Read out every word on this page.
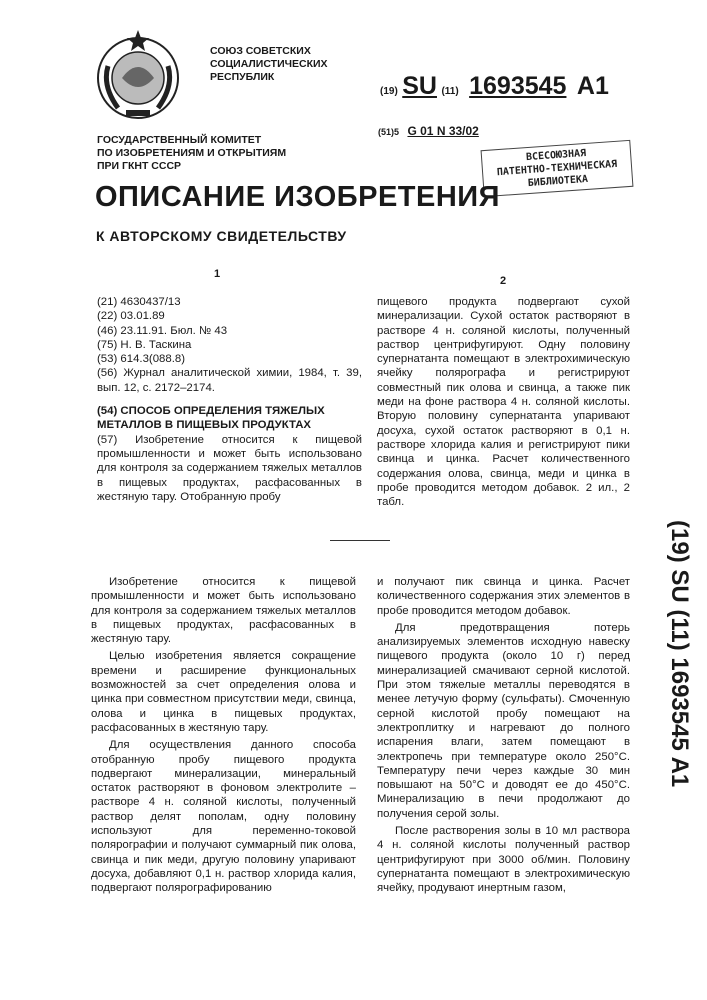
СОЮЗ СОВЕТСКИХ
СОЦИАЛИСТИЧЕСКИХ
РЕСПУБЛИК
(19) SU (11) 1693545 A1
(51)5 G 01 N 33/02
ГОСУДАРСТВЕННЫЙ КОМИТЕТ
ПО ИЗОБРЕТЕНИЯМ И ОТКРЫТИЯМ
ПРИ ГКНТ СССР
ВСЕСОЮЗНАЯ
ПАТЕНТНО-ТЕХНИЧЕСКАЯ
БИБЛИОТЕКА
ОПИСАНИЕ ИЗОБРЕТЕНИЯ
К АВТОРСКОМУ СВИДЕТЕЛЬСТВУ
1
2

(21) 4630437/13

(22) 03.01.89

(46) 23.11.91. Бюл. № 43

(75) Н. В. Таскина

(53) 614.3(088.8)

(56) Журнал аналитической химии, 1984, т. 39, вып. 12, с. 2172–2174.

(54) СПОСОБ ОПРЕДЕЛЕНИЯ ТЯЖЕЛЫХ МЕТАЛЛОВ В ПИЩЕВЫХ ПРОДУКТАХ

(57) Изобретение относится к пищевой промышленности и может быть использовано для контроля за содержанием тяжелых металлов в пищевых продуктах, расфасованных в жестяную тару. Отобранную пробу

пищевого продукта подвергают сухой минерализации. Сухой остаток растворяют в растворе 4 н. соляной кислоты, полученный раствор центрифугируют. Одну половину супернатанта помещают в электрохимическую ячейку полярографа и регистрируют совместный пик олова и свинца, а также пик меди на фоне раствора 4 н. соляной кислоты. Вторую половину супернатанта упаривают досуха, сухой остаток растворяют в 0,1 н. растворе хлорида калия и регистрируют пики свинца и цинка. Расчет количественного содержания олова, свинца, меди и цинка в пробе проводится методом добавок. 2 ил., 2 табл.

Изобретение относится к пищевой промышленности и может быть использовано для контроля за содержанием тяжелых металлов в пищевых продуктах, расфасованных в жестяную тару.

Целью изобретения является сокращение времени и расширение функциональных возможностей за счет определения олова и цинка при совместном присутствии меди, свинца, олова и цинка в пищевых продуктах, расфасованных в жестяную тару.

Для осуществления данного способа отобранную пробу пищевого продукта подвергают минерализации, минеральный остаток растворяют в фоновом электролите – растворе 4 н. соляной кислоты, полученный раствор делят пополам, одну половину используют для переменно-токовой полярографии и получают суммарный пик олова, свинца и пик меди, другую половину упаривают досуха, добавляют 0,1 н. раствор хлорида калия, подвергают полярографированию

и получают пик свинца и цинка. Расчет количественного содержания этих элементов в пробе проводится методом добавок.

Для предотвращения потерь анализируемых элементов исходную навеску пищевого продукта (около 10 г) перед минерализацией смачивают серной кислотой. При этом тяжелые металлы переводятся в менее летучую форму (сульфаты). Смоченную серной кислотой пробу помещают на электроплитку и нагревают до полного испарения влаги, затем помещают в электропечь при температуре около 250°С. Температуру печи через каждые 30 мин повышают на 50°С и доводят ее до 450°С. Минерализацию в печи продолжают до получения серой золы.

После растворения золы в 10 мл раствора 4 н. соляной кислоты полученный раствор центрифугируют при 3000 об/мин. Половину супернатанта помещают в электрохимическую ячейку, продувают инертным газом,

(19) SU (11) 1693545 A1
